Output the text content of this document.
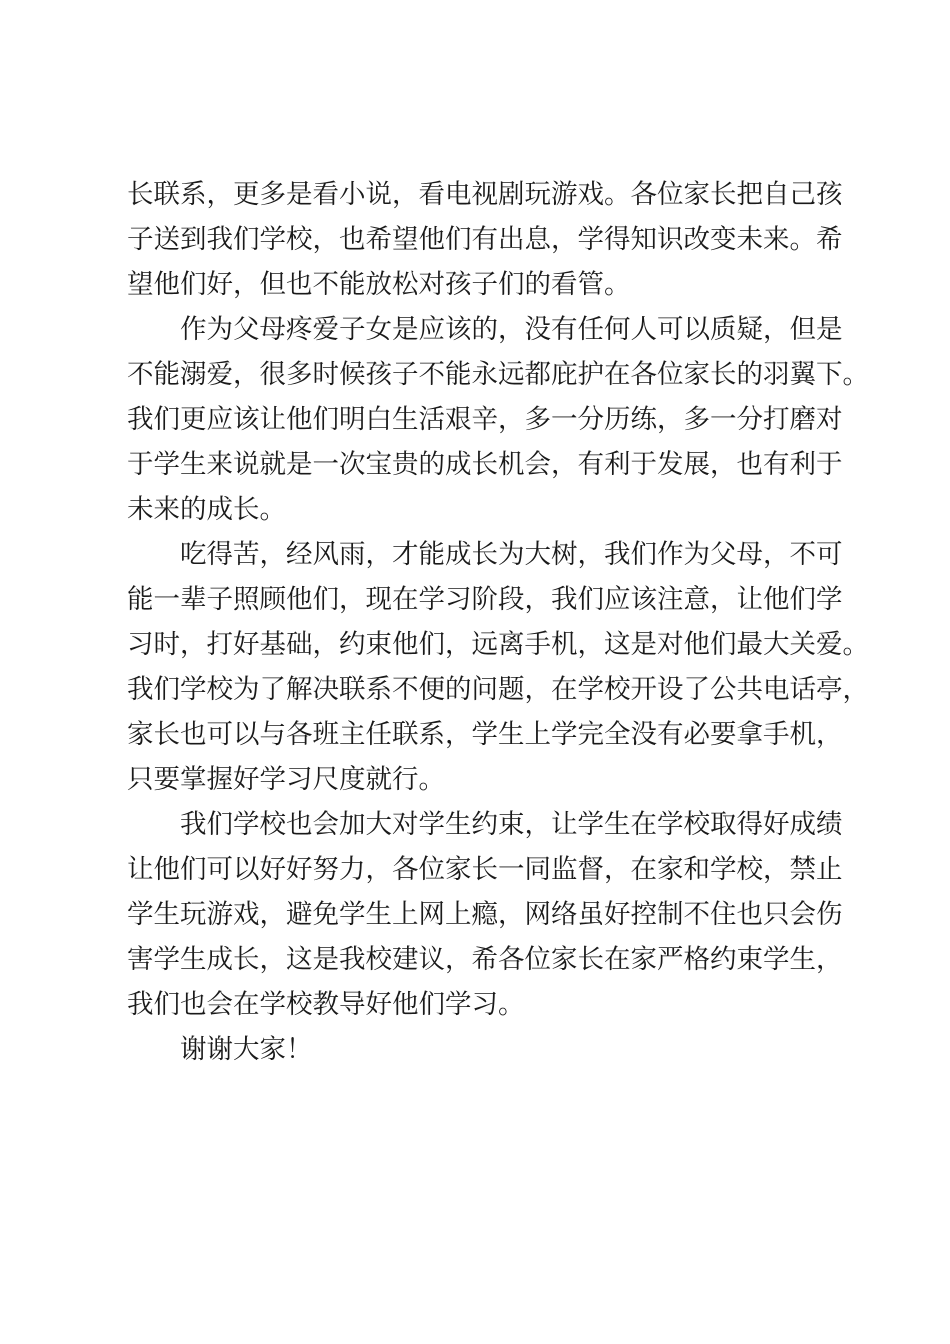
长联系，更多是看小说，看电视剧玩游戏。各位家长把自己孩
子送到我们学校，也希望他们有出息，学得知识改变未来。希
望他们好，但也不能放松对孩子们的看管。
作为父母疼爱子女是应该的，没有任何人可以质疑，但是
不能溺爱，很多时候孩子不能永远都庇护在各位家长的羽翼下。
我们更应该让他们明白生活艰辛，多一分历练，多一分打磨对
于学生来说就是一次宝贵的成长机会，有利于发展，也有利于
未来的成长。
吃得苦，经风雨，才能成长为大树，我们作为父母，不可
能一辈子照顾他们，现在学习阶段，我们应该注意，让他们学
习时，打好基础，约束他们，远离手机，这是对他们最大关爱。
我们学校为了解决联系不便的问题，在学校开设了公共电话亭，
家长也可以与各班主任联系，学生上学完全没有必要拿手机，
只要掌握好学习尺度就行。
我们学校也会加大对学生约束，让学生在学校取得好成绩
让他们可以好好努力，各位家长一同监督，在家和学校，禁止
学生玩游戏，避免学生上网上瘾，网络虽好控制不住也只会伤
害学生成长，这是我校建议，希各位家长在家严格约束学生，
我们也会在学校教导好他们学习。
谢谢大家！
